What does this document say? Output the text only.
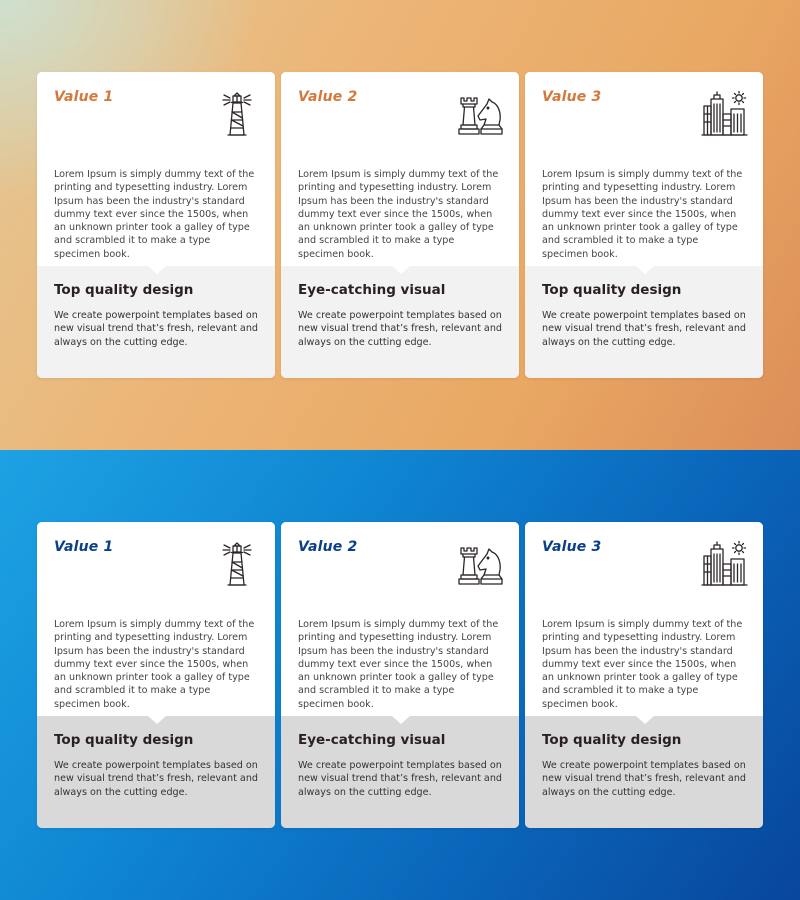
Value 1
Lorem Ipsum is simply dummy text of the printing and typesetting industry. Lorem Ipsum has been the industry's standard dummy text ever since the 1500s, when an unknown printer took a galley of type and scrambled it to make a type specimen book.
Top quality design
We create powerpoint templates based on new visual trend that’s fresh, relevant and always on the cutting edge.
Value 2
Lorem Ipsum is simply dummy text of the printing and typesetting industry. Lorem Ipsum has been the industry's standard dummy text ever since the 1500s, when an unknown printer took a galley of type and scrambled it to make a type specimen book.
Eye-catching visual
We create powerpoint templates based on new visual trend that’s fresh, relevant and always on the cutting edge.
Value 3
Lorem Ipsum is simply dummy text of the printing and typesetting industry. Lorem Ipsum has been the industry's standard dummy text ever since the 1500s, when an unknown printer took a galley of type and scrambled it to make a type specimen book.
Top quality design
We create powerpoint templates based on new visual trend that’s fresh, relevant and always on the cutting edge.
Value 1
Lorem Ipsum is simply dummy text of the printing and typesetting industry. Lorem Ipsum has been the industry's standard dummy text ever since the 1500s, when an unknown printer took a galley of type and scrambled it to make a type specimen book.
Top quality design
We create powerpoint templates based on new visual trend that’s fresh, relevant and always on the cutting edge.
Value 2
Lorem Ipsum is simply dummy text of the printing and typesetting industry. Lorem Ipsum has been the industry's standard dummy text ever since the 1500s, when an unknown printer took a galley of type and scrambled it to make a type specimen book.
Eye-catching visual
We create powerpoint templates based on new visual trend that’s fresh, relevant and always on the cutting edge.
Value 3
Lorem Ipsum is simply dummy text of the printing and typesetting industry. Lorem Ipsum has been the industry's standard dummy text ever since the 1500s, when an unknown printer took a galley of type and scrambled it to make a type specimen book.
Top quality design
We create powerpoint templates based on new visual trend that’s fresh, relevant and always on the cutting edge.
